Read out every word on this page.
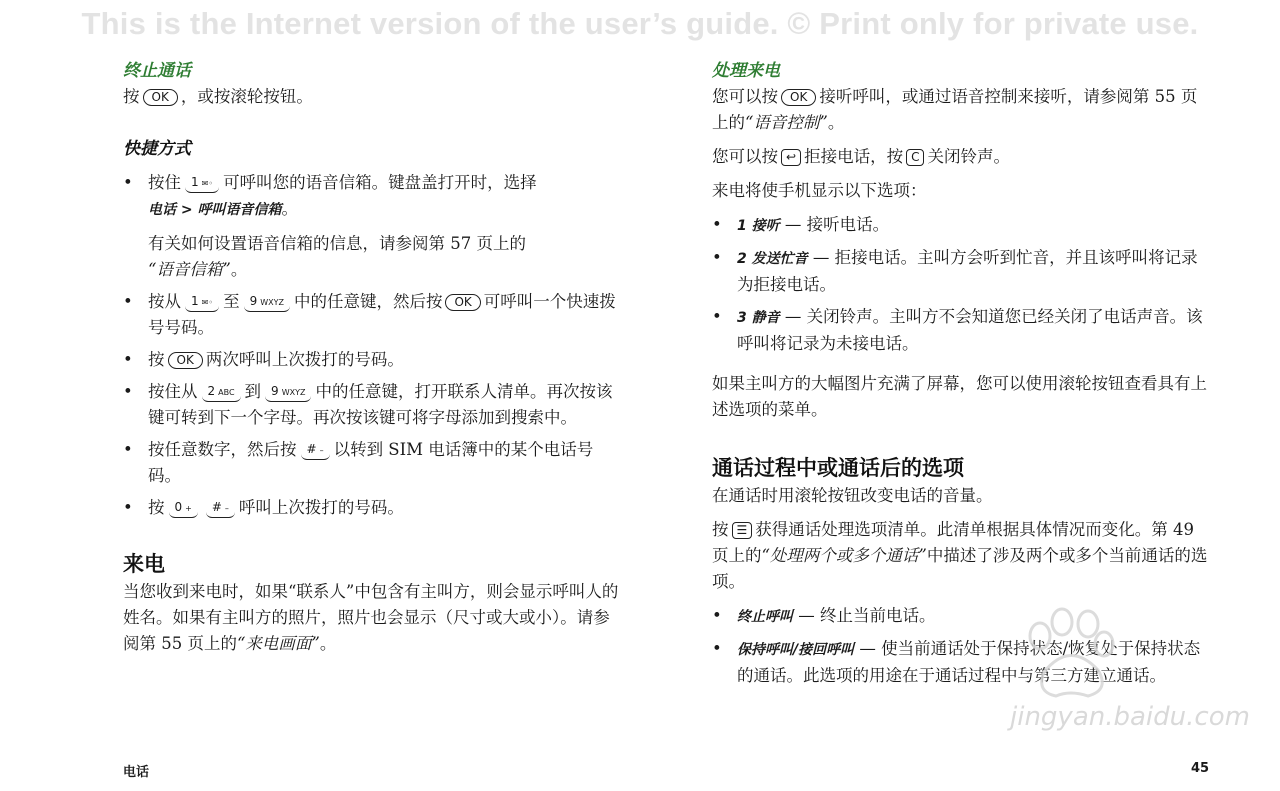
This is the Internet version of the user’s guide. © Print only for private use.
终止通话

按 OK ，或按滚轮按钮。

快捷方式
• 按住 1 ✉◦ 可呼叫您的语音信箱。键盘盖打开时，选择
电话 > 呼叫语音信箱。
有关如何设置语音信箱的信息，请参阅第 57 页上的
“语音信箱”。
• 按从 1 ✉◦ 至 9 WXYZ 中的任意键，然后按 OK 可呼叫一个快速拨号号码。
• 按 OK 两次呼叫上次拨打的号码。
• 按住从 2 ABC 到 9 WXYZ 中的任意键，打开联系人清单。再次按该键可转到下一个字母。再次按该键可将字母添加到搜索中。
• 按任意数字，然后按 # – 以转到 SIM 电话簿中的某个电话号码。
• 按 0 + # – 呼叫上次拨打的号码。
来电

当您收到来电时，如果“联系人”中包含有主叫方，则会显示呼叫人的姓名。如果有主叫方的照片，照片也会显示（尺寸或大或小）。请参阅第 55 页上的“来电画面”。

处理来电

您可以按 OK 接听呼叫，或通过语音控制来接听，请参阅第 55 页上的“语音控制”。

您可以按 ↩ 拒接电话，按 C 关闭铃声。

来电将使手机显示以下选项：

• 1 接听 — 接听电话。
• 2 发送忙音 — 拒接电话。主叫方会听到忙音，并且该呼叫将记录为拒接电话。
• 3 静音 — 关闭铃声。主叫方不会知道您已经关闭了电话声音。该呼叫将记录为未接电话。

如果主叫方的大幅图片充满了屏幕，您可以使用滚轮按钮查看具有上述选项的菜单。

通话过程中或通话后的选项

在通话时用滚轮按钮改变电话的音量。

按 ☰ 获得通话处理选项清单。此清单根据具体情况而变化。第 49 页上的“处理两个或多个通话”中描述了涉及两个或多个当前通话的选项。

• 终止呼叫 — 终止当前电话。
• 保持呼叫/接回呼叫 — 使当前通话处于保持状态/恢复处于保持状态的通话。此选项的用途在于通话过程中与第三方建立通话。
jingyan.baidu.com
电话	45
